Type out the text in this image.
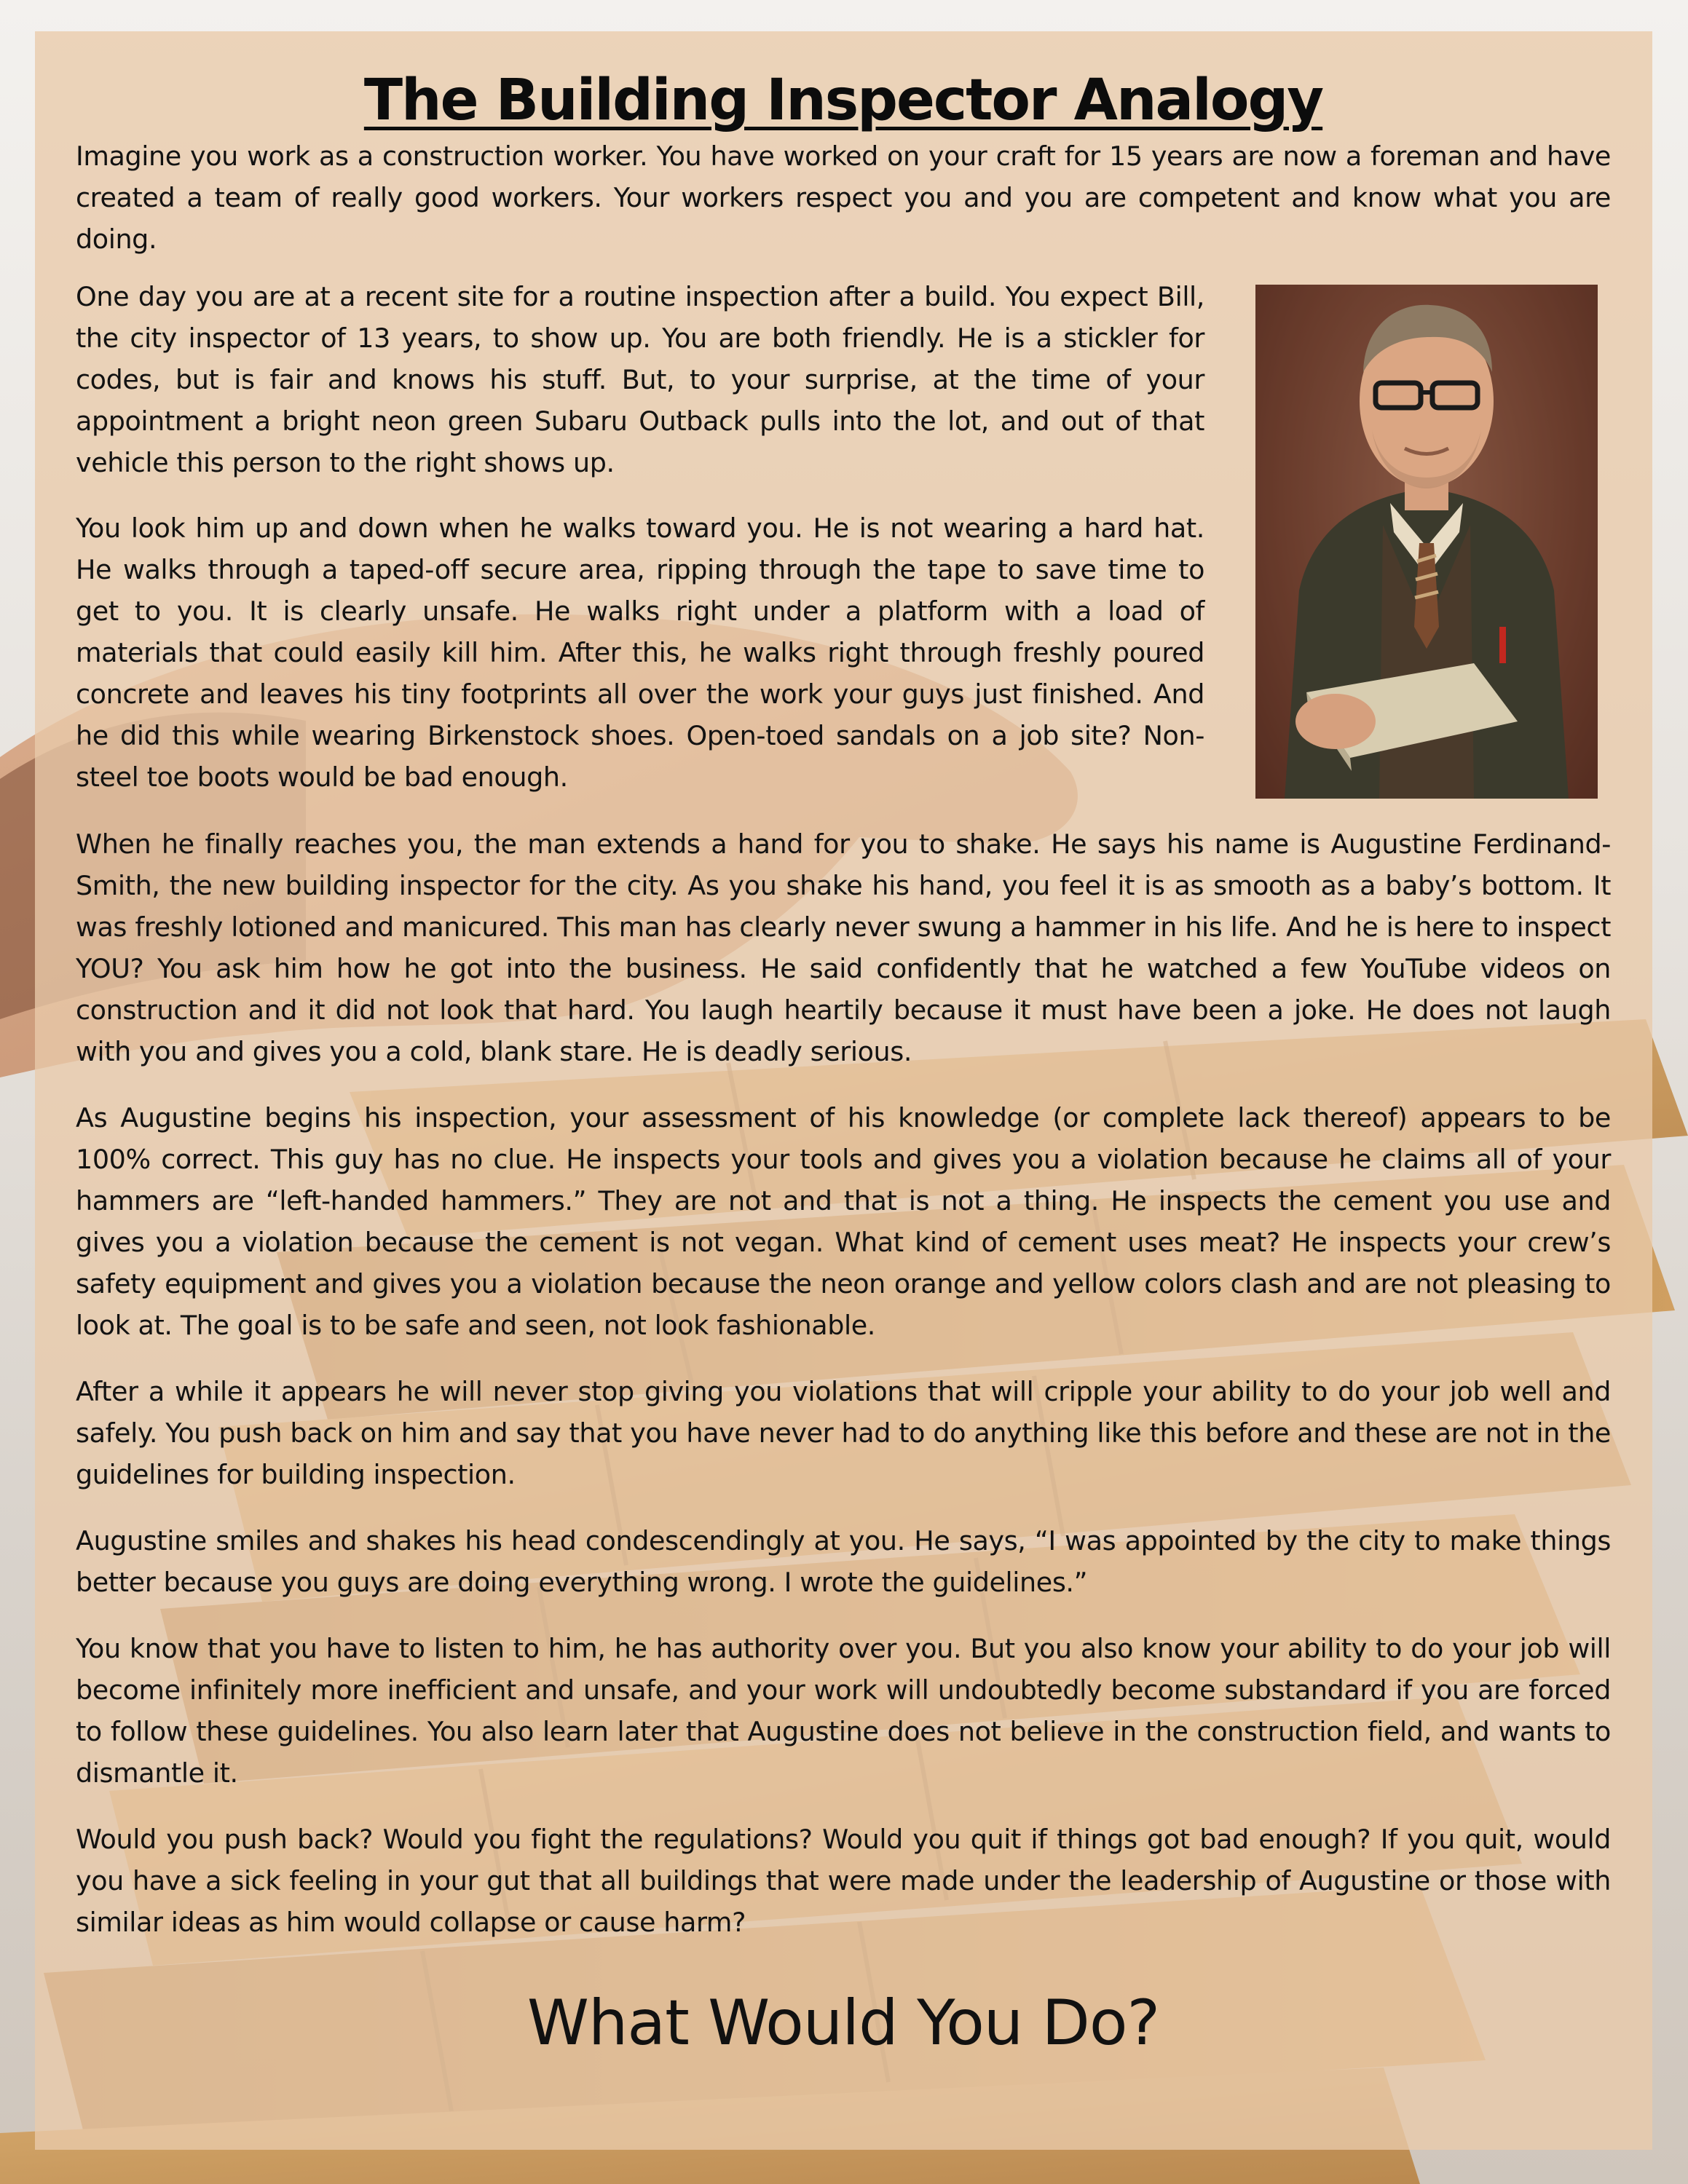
The Building Inspector Analogy

Imagine you work as a construction worker. You have worked on your craft for 15 years are now a foreman and have created a team of really good workers. Your workers respect you and you are competent and know what you are doing.

One day you are at a recent site for a routine inspection after a build. You expect Bill, the city inspector of 13 years, to show up. You are both friendly. He is a stickler for codes, but is fair and knows his stuff. But, to your surprise, at the time of your appointment a bright neon green Subaru Outback pulls into the lot, and out of that vehicle this person to the right shows up.

You look him up and down when he walks toward you. He is not wearing a hard hat. He walks through a taped-off secure area, ripping through the tape to save time to get to you. It is clearly unsafe. He walks right under a platform with a load of materials that could easily kill him. After this, he walks right through freshly poured concrete and leaves his tiny footprints all over the work your guys just finished. And he did this while wearing Birkenstock shoes. Open-toed sandals on a job site? Non-steel toe boots would be bad enough.

When he finally reaches you, the man extends a hand for you to shake. He says his name is Augustine Ferdinand-Smith, the new building inspector for the city. As you shake his hand, you feel it is as smooth as a baby’s bottom. It was freshly lotioned and manicured. This man has clearly never swung a hammer in his life. And he is here to inspect YOU? You ask him how he got into the business. He said confidently that he watched a few YouTube videos on construction and it did not look that hard. You laugh heartily because it must have been a joke. He does not laugh with you and gives you a cold, blank stare. He is deadly serious.

As Augustine begins his inspection, your assessment of his knowledge (or complete lack thereof) appears to be 100% correct. This guy has no clue. He inspects your tools and gives you a violation because he claims all of your hammers are “left-handed hammers.” They are not and that is not a thing. He inspects the cement you use and gives you a violation because the cement is not vegan. What kind of cement uses meat? He inspects your crew’s safety equipment and gives you a violation because the neon orange and yellow colors clash and are not pleasing to look at. The goal is to be safe and seen, not look fashionable.

After a while it appears he will never stop giving you violations that will cripple your ability to do your job well and safely. You push back on him and say that you have never had to do anything like this before and these are not in the guidelines for building inspection.

Augustine smiles and shakes his head condescendingly at you. He says, “I was appointed by the city to make things better because you guys are doing everything wrong. I wrote the guidelines.”

You know that you have to listen to him, he has authority over you. But you also know your ability to do your job will become infinitely more inefficient and unsafe, and your work will undoubtedly become substandard if you are forced to follow these guidelines. You also learn later that Augustine does not believe in the construction field, and wants to dismantle it.

Would you push back? Would you fight the regulations? Would you quit if things got bad enough? If you quit, would you have a sick feeling in your gut that all buildings that were made under the leadership of Augustine or those with similar ideas as him would collapse or cause harm?

What Would You Do?
